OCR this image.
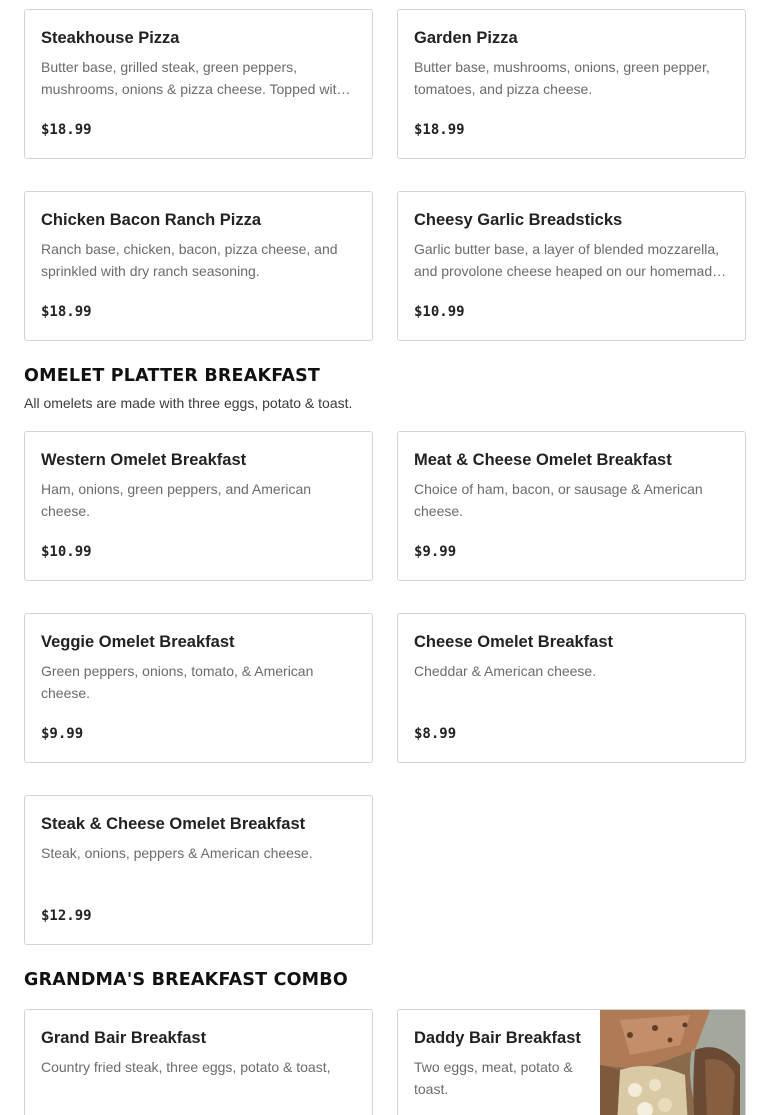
Steakhouse Pizza
Butter base, grilled steak, green peppers, mushrooms, onions & pizza cheese. Topped wit…
$18.99
Garden Pizza
Butter base, mushrooms, onions, green pepper, tomatoes, and pizza cheese.
$18.99
Chicken Bacon Ranch Pizza
Ranch base, chicken, bacon, pizza cheese, and sprinkled with dry ranch seasoning.
$18.99
Cheesy Garlic Breadsticks
Garlic butter base, a layer of blended mozzarella, and provolone cheese heaped on our homemad…
$10.99
OMELET PLATTER BREAKFAST
All omelets are made with three eggs, potato & toast.
Western Omelet Breakfast
Ham, onions, green peppers, and American cheese.
$10.99
Meat & Cheese Omelet Breakfast
Choice of ham, bacon, or sausage & American cheese.
$9.99
Veggie Omelet Breakfast
Green peppers, onions, tomato, & American cheese.
$9.99
Cheese Omelet Breakfast
Cheddar & American cheese.
$8.99
Steak & Cheese Omelet Breakfast
Steak, onions, peppers & American cheese.
$12.99
GRANDMA'S BREAKFAST COMBO
Grand Bair Breakfast
Country fried steak, three eggs, potato & toast,
Daddy Bair Breakfast
Two eggs, meat, potato & toast.
